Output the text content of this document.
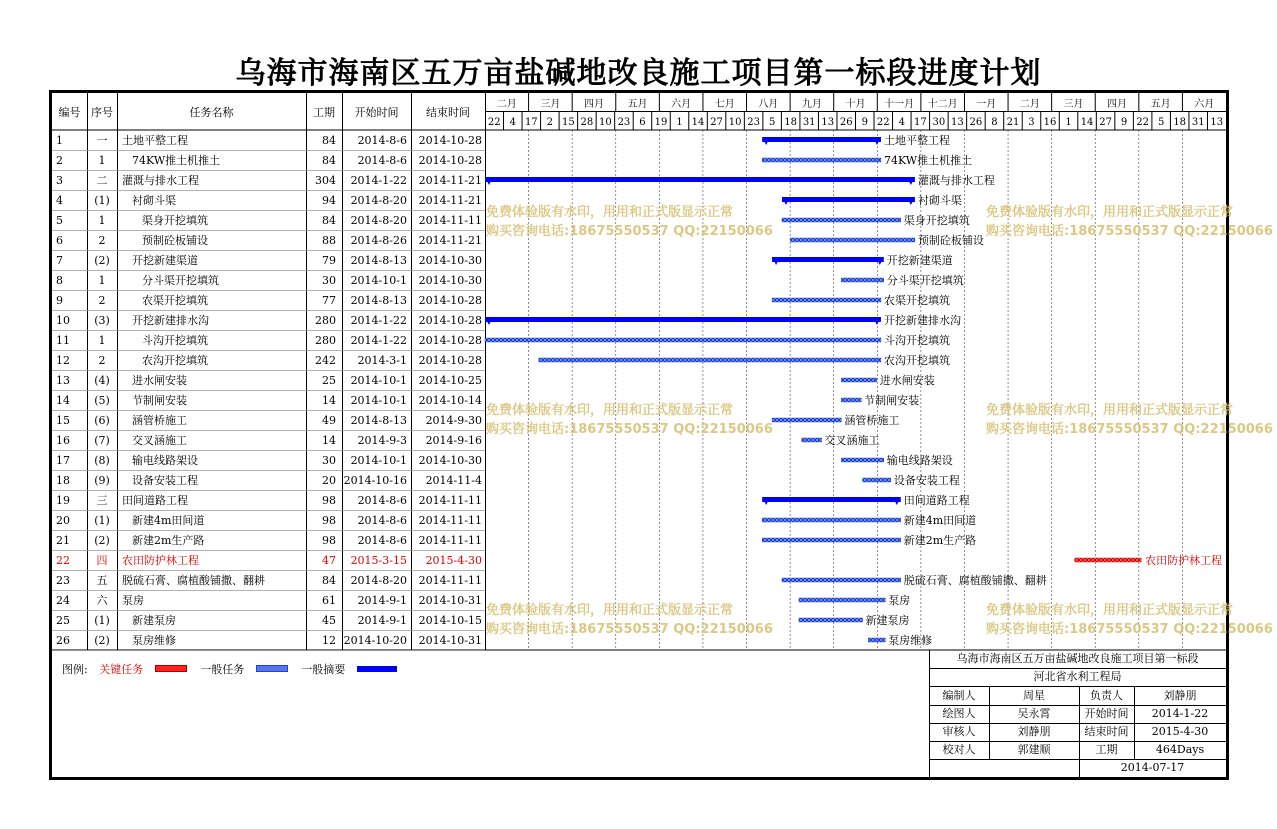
乌海市海南区五万亩盐碱地改良施工项目第一标段进度计划
编号 序号	任务名称	工期 开始时间	结束时间
二月 三月 四月 五月 六月 七月 八月 九月 十月 十一月 十二月 一月 二月 三月 四月 五月 六月
22 4 17 2 15 28 10 23 6 19 1 14 27 10 23 5 18 31 13 26 9 22 4 17 30 13 26 8 21 3 16 1 14 27 9 22 5 18 31 13
1	一 土地平整工程	84 2014-8-6 2014-10-28	土地平整工程
2	1 74KW推土机推土	84 2014-8-6 2014-10-28	74KW推土机推土
3	二 灌溉与排水工程	304 2014-1-22 2014-11-21	灌溉与排水工程
4	(1) 衬砌斗渠	94 2014-8-20 2014-11-21	衬砌斗渠
5	1	渠身开挖填筑	84 2014-8-20 2014-11-11	渠身开挖填筑
6	2	预制砼板铺设	88 2014-8-26 2014-11-21	预制砼板铺设
7	(2) 开挖新建渠道	79 2014-8-13 2014-10-30	开挖新建渠道
8	1	分斗渠开挖填筑	30 2014-10-1 2014-10-30	分斗渠开挖填筑
9	2	农渠开挖填筑	77 2014-8-13 2014-10-28	农渠开挖填筑
10 (3) 开挖新建排水沟	280 2014-1-22 2014-10-28	开挖新建排水沟
11	1	斗沟开挖填筑	280 2014-1-22 2014-10-28	斗沟开挖填筑
12	2	农沟开挖填筑	242 2014-3-1 2014-10-28	农沟开挖填筑
13 (4) 进水闸安装	25 2014-10-1 2014-10-25	进水闸安装
14 (5) 节制闸安装	14 2014-10-1 2014-10-14	节制闸安装
15 (6) 涵管桥施工	49 2014-8-13 2014-9-30	涵管桥施工
16 (7) 交叉涵施工	14 2014-9-3 2014-9-16	交叉涵施工
17 (8) 输电线路架设	30 2014-10-1 2014-10-30	输电线路架设
18 (9) 设备安装工程	20 2014-10-16 2014-11-4	设备安装工程
19 三 田间道路工程	98 2014-8-6 2014-11-11	田间道路工程
20 (1) 新建4m田间道	98 2014-8-6 2014-11-11	新建4m田间道
21 (2) 新建2m生产路	98 2014-8-6 2014-11-11	新建2m生产路
22 四 农田防护林工程	47 2015-3-15 2015-4-30	农田防护林工程
23 五 脱硫石膏、腐植酸铺撒、翻耕	84 2014-8-20 2014-11-11	脱硫石膏、腐植酸铺撒、翻耕
24 六 泵房	61 2014-9-1 2014-10-31	泵房
25 (1) 新建泵房	45 2014-9-1 2014-10-15	新建泵房
26 (2) 泵房维修	12 2014-10-20 2014-10-31	泵房维修
免费体验版有水印，用用和正式版显示正常
购买咨询电话:18675550537 QQ:22150066
免费体验版有水印，用用和正式版显示正常
购买咨询电话:18675550537 QQ:22150066
免费体验版有水印，用用和正式版显示正常
购买咨询电话:18675550537 QQ:22150066
免费体验版有水印，用用和正式版显示正常
购买咨询电话:18675550537 QQ:22150066
免费体验版有水印，用用和正式版显示正常
购买咨询电话:18675550537 QQ:22150066
免费体验版有水印，用用和正式版显示正常
购买咨询电话:18675550537 QQ:22150066
图例: 关键任务	一般任务	一般摘要
乌海市海南区五万亩盐碱地改良施工项目第一标段
河北省水利工程局
编制人	周星	负责人	刘静朋
绘图人	吴永霄	开始时间	2014-1-22
审核人	刘静朋	结束时间	2015-4-30
校对人	郭建顺	工期	464Days
2014-07-17
